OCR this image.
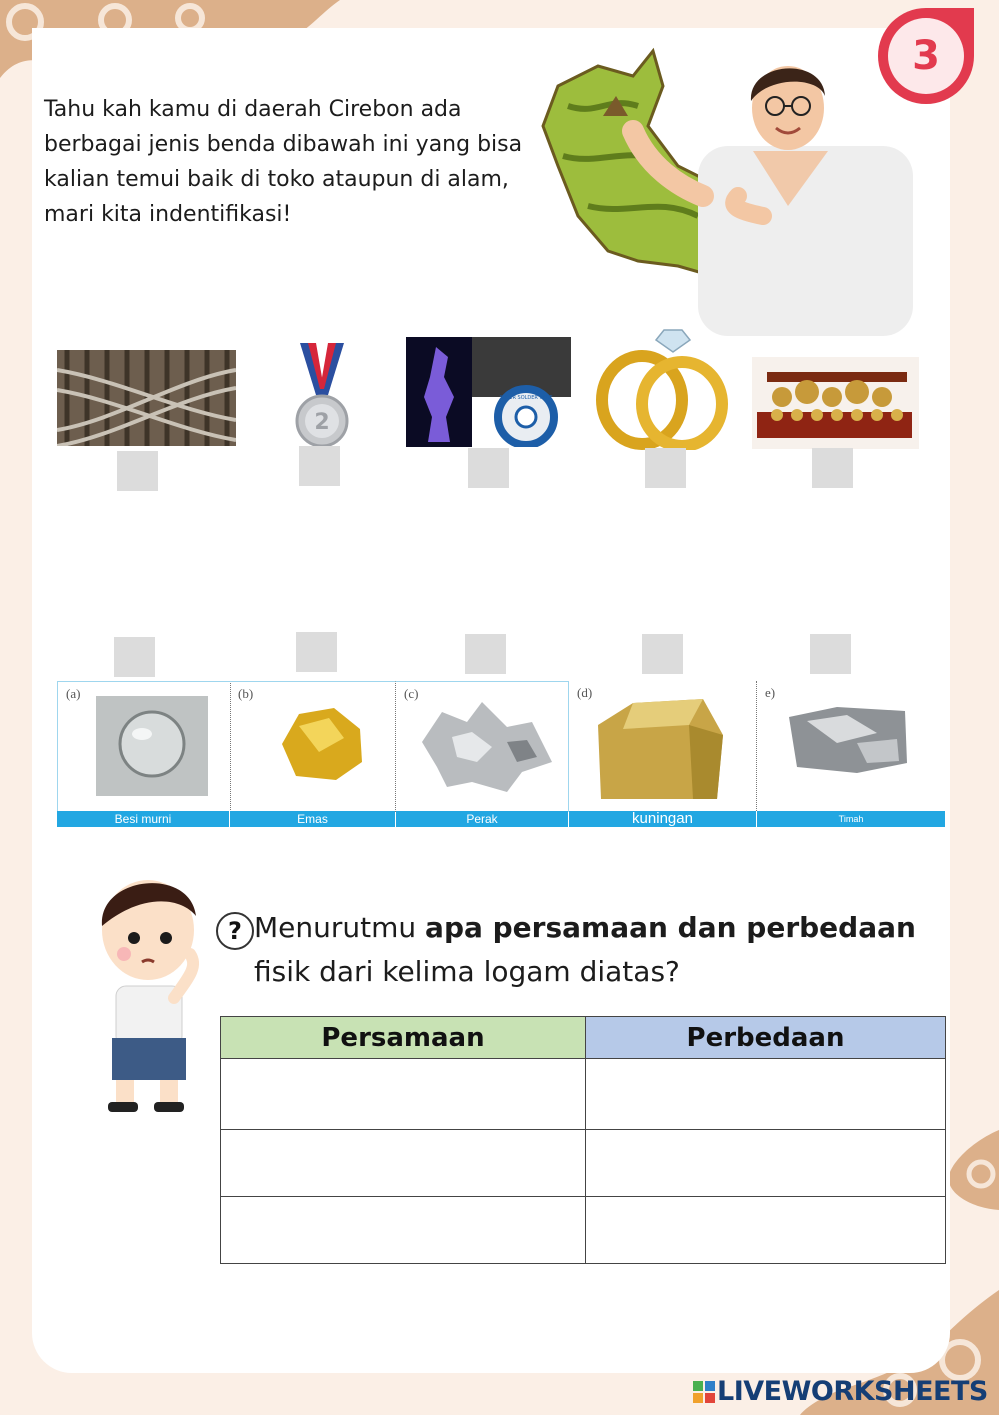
Tahu kah kamu di daerah Cirebon ada berbagai jenis benda dibawah ini yang bisa kalian temui baik di toko ataupun di alam, mari kita indentifikasi!
3
2
SUPER SOLDER WIRE
(a)	(b)	(c)	(d)	e)
Besi murni	Emas	Perak	kuningan	Timah
? Menurutmu apa persamaan dan perbedaan
fisik dari kelima logam diatas?
Persamaan	Perbedaan

LIVEWORKSHEETS
